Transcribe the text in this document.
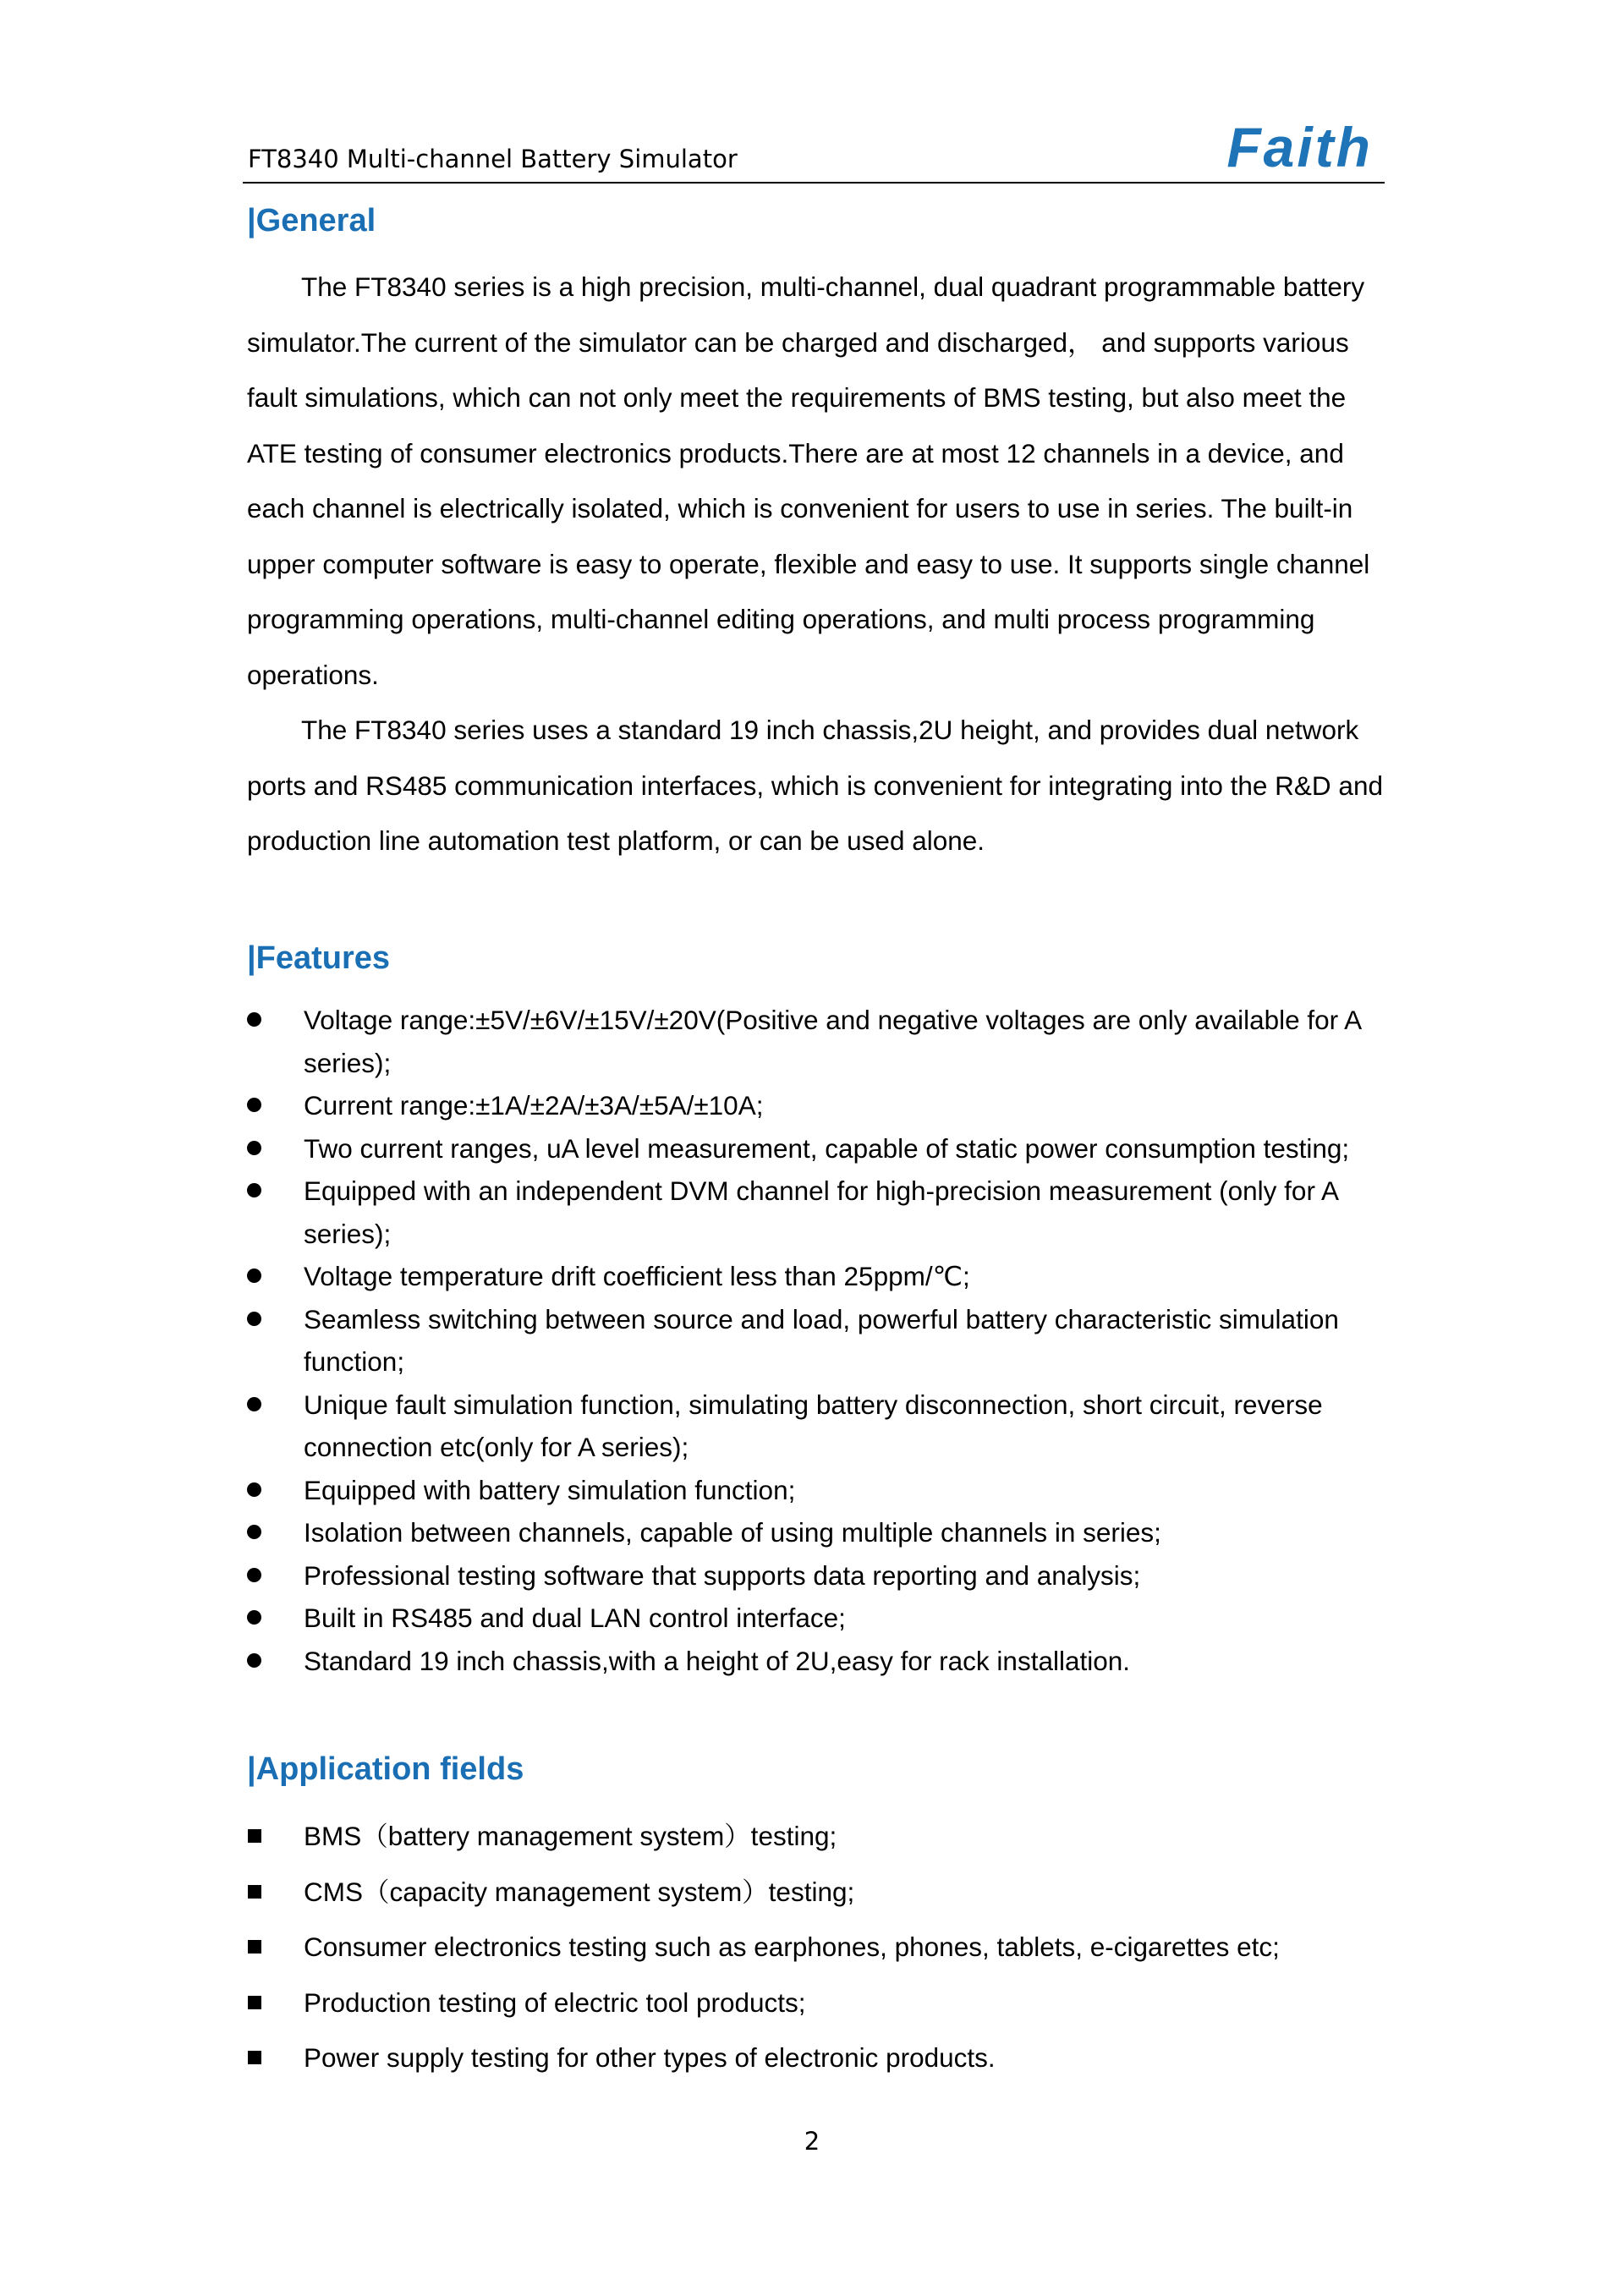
FT8340 Multi-channel Battery Simulator	Faith
|General

The FT8340 series is a high precision, multi-channel, dual quadrant programmable battery simulator.The current of the simulator can be charged and discharged， and supports various fault simulations, which can not only meet the requirements of BMS testing, but also meet the ATE testing of consumer electronics products.There are at most 12 channels in a device, and each channel is electrically isolated, which is convenient for users to use in series. The built-in upper computer software is easy to operate, flexible and easy to use. It supports single channel programming operations, multi-channel editing operations, and multi process programming operations.

The FT8340 series uses a standard 19 inch chassis,2U height, and provides dual network ports and RS485 communication interfaces, which is convenient for integrating into the R&D and production line automation test platform, or can be used alone.

|Features
Voltage range:±5V/±6V/±15V/±20V(Positive and negative voltages are only available for A series);
Current range:±1A/±2A/±3A/±5A/±10A;
Two current ranges, uA level measurement, capable of static power consumption testing;
Equipped with an independent DVM channel for high-precision measurement (only for A series);
Voltage temperature drift coefficient less than 25ppm/℃;
Seamless switching between source and load, powerful battery characteristic simulation function;
Unique fault simulation function, simulating battery disconnection, short circuit, reverse connection etc(only for A series);
Equipped with battery simulation function;
Isolation between channels, capable of using multiple channels in series;
Professional testing software that supports data reporting and analysis;
Built in RS485 and dual LAN control interface;
Standard 19 inch chassis,with a height of 2U,easy for rack installation.
|Application fields
BMS（battery management system）testing;
CMS（capacity management system）testing;
Consumer electronics testing such as earphones, phones, tablets, e-cigarettes etc;
Production testing of electric tool products;
Power supply testing for other types of electronic products.
2
